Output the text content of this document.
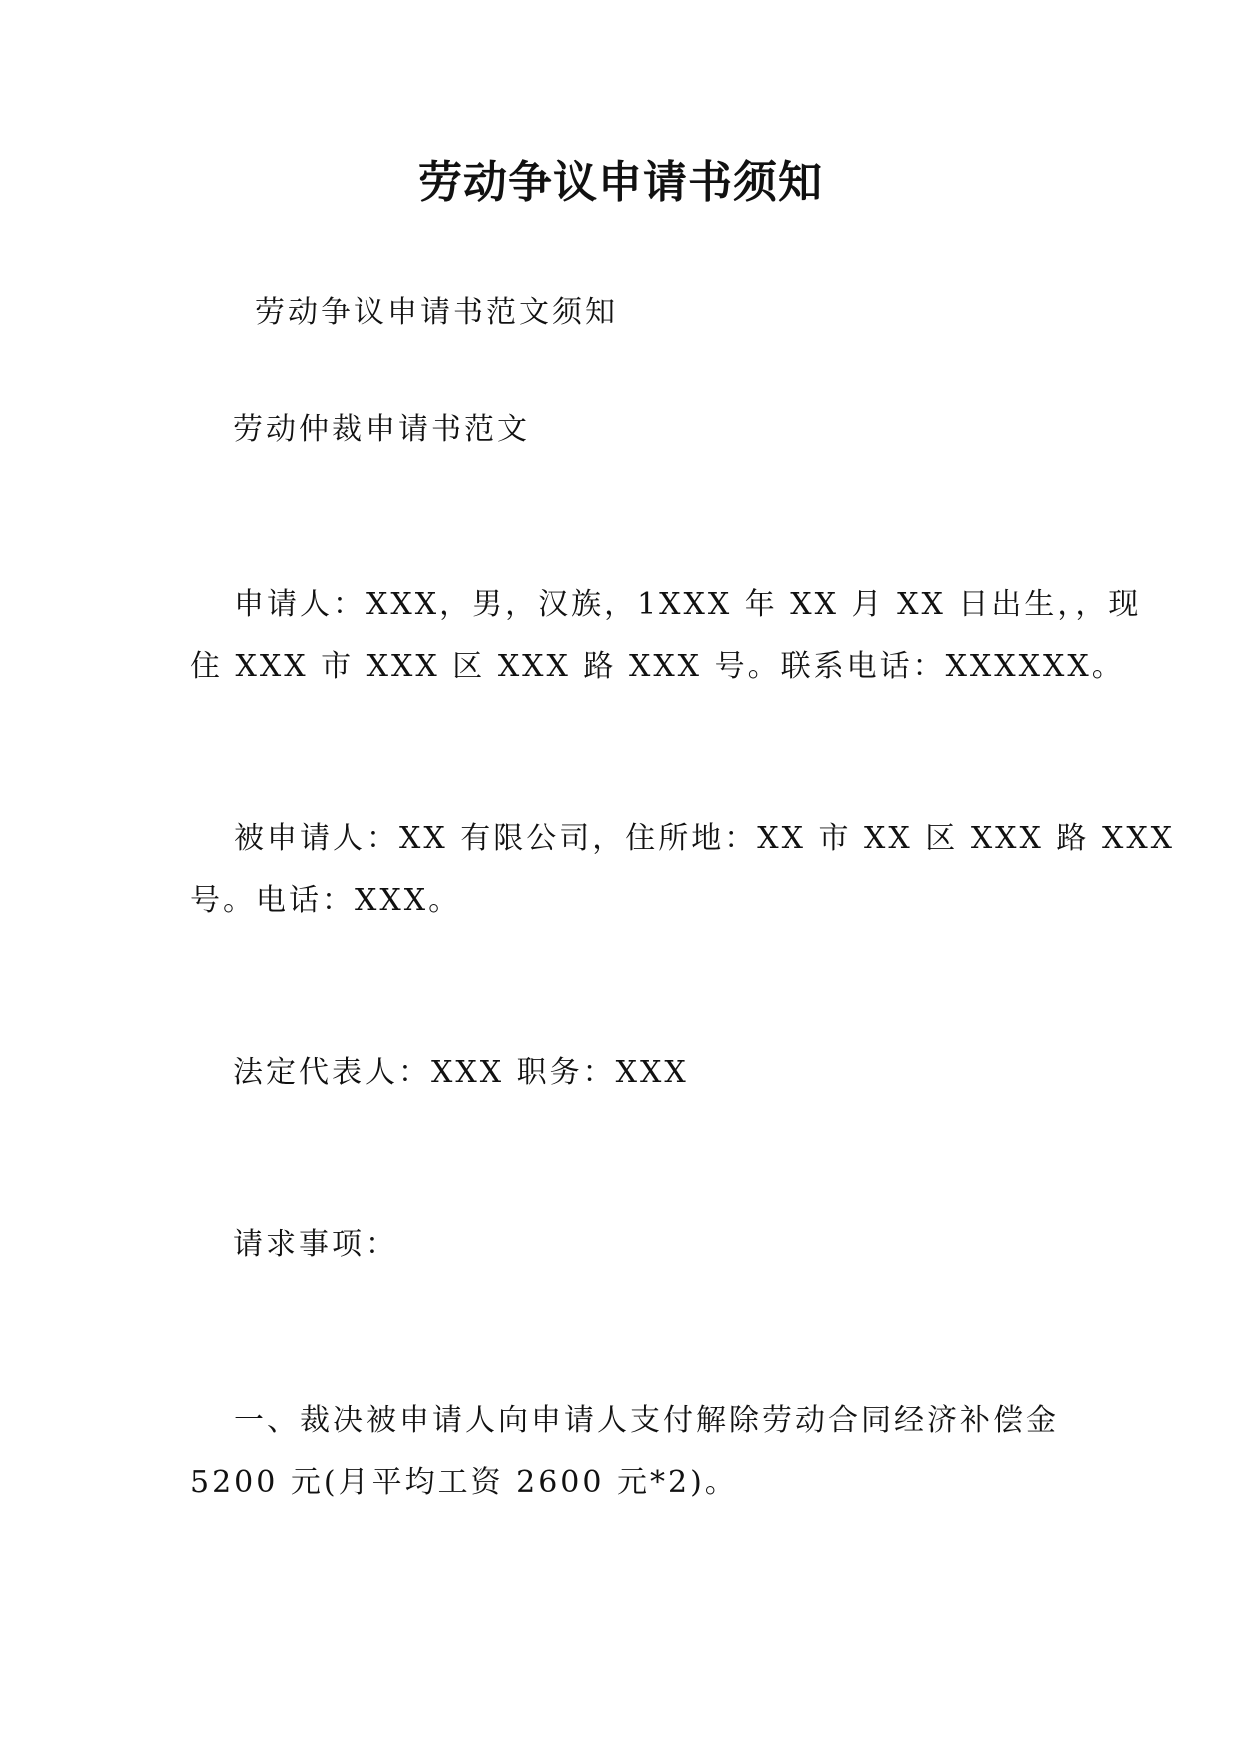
劳动争议申请书须知
劳动争议申请书范文须知
劳动仲裁申请书范文
申请人：XXX，男，汉族，1XXX 年 XX 月 XX 日出生，，现
住 XXX 市 XXX 区 XXX 路 XXX 号。联系电话：XXXXXX。
被申请人：XX 有限公司，住所地：XX 市 XX 区 XXX 路 XXX
号。电话：XXX。
法定代表人：XXX 职务：XXX
请求事项：
一、裁决被申请人向申请人支付解除劳动合同经济补偿金
5200 元(月平均工资 2600 元*2)。
